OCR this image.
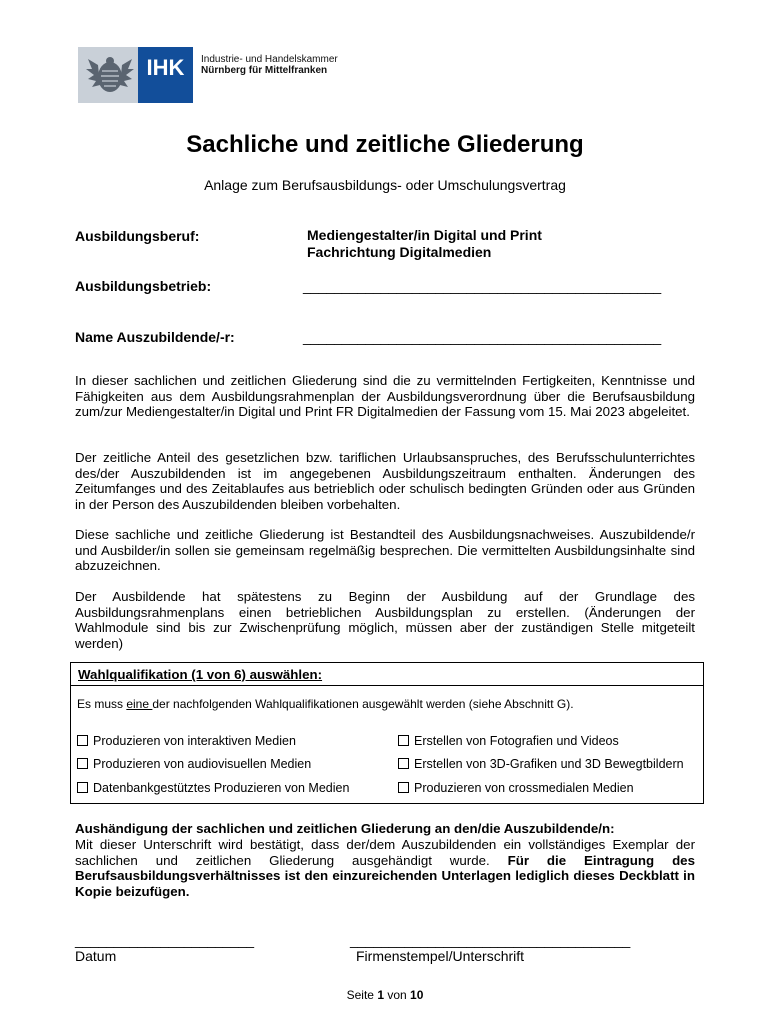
IHK	Industrie- und Handelskammer
Nürnberg für Mittelfranken
Sachliche und zeitliche Gliederung
Anlage zum Berufsausbildungs- oder Umschulungsvertrag
Ausbildungsberuf:	Mediengestalter/in Digital und Print
Fachrichtung Digitalmedien
Ausbildungsbetrieb:	______________________________________________
Name Auszubildende/-r:	______________________________________________
In dieser sachlichen und zeitlichen Gliederung sind die zu vermittelnden Fertigkeiten, Kenntnisse und Fähigkeiten aus dem Ausbildungsrahmenplan der Ausbildungsverordnung über die Berufsausbildung zum/zur Mediengestalter/in Digital und Print FR Digitalmedien der Fassung vom 15. Mai 2023 abgeleitet.
Der zeitliche Anteil des gesetzlichen bzw. tariflichen Urlaubsanspruches, des Berufsschulunterrichtes des/der Auszubildenden ist im angegebenen Ausbildungszeitraum enthalten. Änderungen des Zeitumfanges und des Zeitablaufes aus betrieblich oder schulisch bedingten Gründen oder aus Gründen in der Person des Auszubildenden bleiben vorbehalten.
Diese sachliche und zeitliche Gliederung ist Bestandteil des Ausbildungsnachweises. Auszubildende/r und Ausbilder/in sollen sie gemeinsam regelmäßig besprechen. Die vermittelten Ausbildungsinhalte sind abzuzeichnen.
Der Ausbildende hat spätestens zu Beginn der Ausbildung auf der Grundlage des Ausbildungsrahmenplans einen betrieblichen Ausbildungsplan zu erstellen. (Änderungen der Wahlmodule sind bis zur Zwischenprüfung möglich, müssen aber der zuständigen Stelle mitgeteilt werden)
Wahlqualifikation (1 von 6) auswählen:
Es muss eine der nachfolgenden Wahlqualifikationen ausgewählt werden (siehe Abschnitt G).
Produzieren von interaktiven Medien	Erstellen von Fotografien und Videos
Produzieren von audiovisuellen Medien	Erstellen von 3D-Grafiken und 3D Bewegtbildern
Datenbankgestütztes Produzieren von Medien	Produzieren von crossmedialen Medien
Aushändigung der sachlichen und zeitlichen Gliederung an den/die Auszubildende/n:
Mit dieser Unterschrift wird bestätigt, dass der/dem Auszubildenden ein vollständiges Exemplar der sachlichen und zeitlichen Gliederung ausgehändigt wurde. Für die Eintragung des Berufsausbildungsverhältnisses ist den einzureichenden Unterlagen lediglich dieses Deckblatt in Kopie beizufügen.
_______________________
Datum
____________________________________
Firmenstempel/Unterschrift
Seite 1 von 10
